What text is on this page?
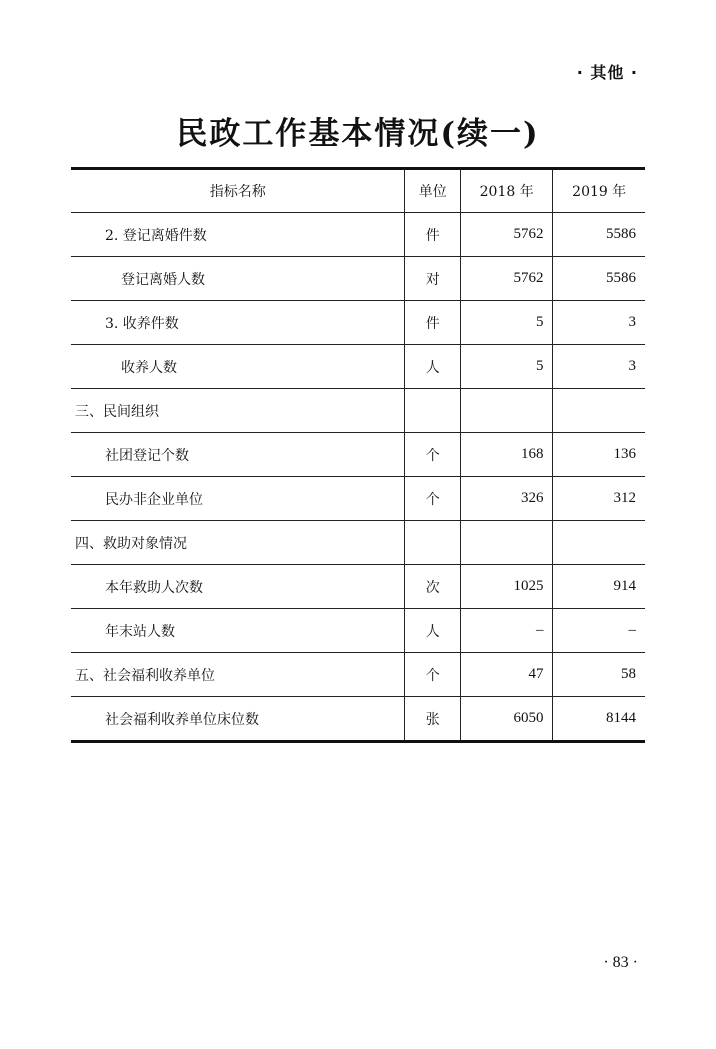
· 其他 ·
民政工作基本情况(续一)
指标名称	单位	2018 年	2019 年
2. 登记离婚件数	件	5762	5586
登记离婚人数	对	5762	5586
3. 收养件数	件	5	3
收养人数	人	5	3
三、民间组织			
社团登记个数	个	168	136
民办非企业单位	个	326	312
四、救助对象情况			
本年救助人次数	次	1025	914
年末站人数	人	–	–
五、社会福利收养单位	个	47	58
社会福利收养单位床位数	张	6050	8144
· 83 ·
